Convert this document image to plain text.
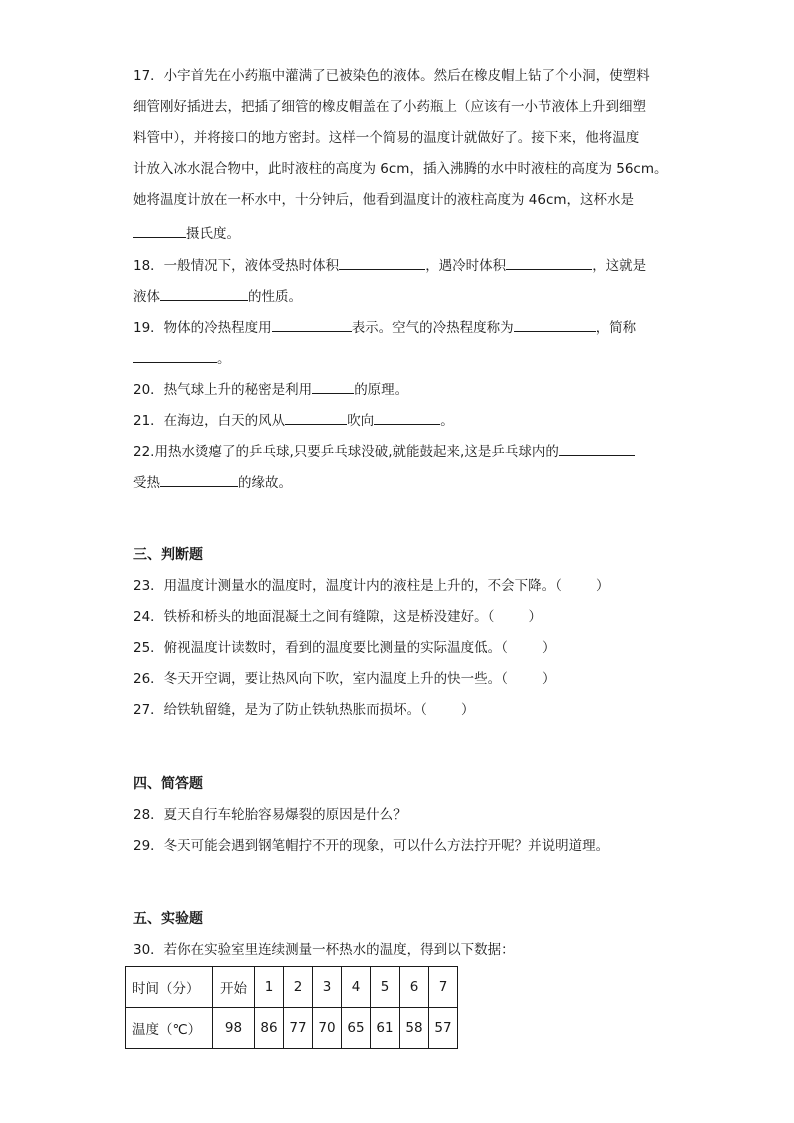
17．小宇首先在小药瓶中灌满了已被染色的液体。然后在橡皮帽上钻了个小洞，使塑料
细管刚好插进去，把插了细管的橡皮帽盖在了小药瓶上（应该有一小节液体上升到细塑
料管中），并将接口的地方密封。这样一个简易的温度计就做好了。接下来，他将温度
计放入冰水混合物中，此时液柱的高度为 6cm，插入沸腾的水中时液柱的高度为 56cm。
她将温度计放在一杯水中，十分钟后，他看到温度计的液柱高度为 46cm，这杯水是
摄氏度。
18．一般情况下，液体受热时体积	，遇冷时体积	，这就是
液体	的性质。
19．物体的冷热程度用	表示。空气的冷热程度称为	，简称
。
20．热气球上升的秘密是利用	的原理。
21．在海边，白天的风从	吹向	。
22.用热水烫瘪了的乒乓球,只要乒乓球没破,就能鼓起来,这是乒乓球内的
受热	的缘故。
三、判断题
23．用温度计测量水的温度时，温度计内的液柱是上升的，不会下降。（	）
24．铁桥和桥头的地面混凝土之间有缝隙，这是桥没建好。（	）
25．俯视温度计读数时，看到的温度要比测量的实际温度低。（	）
26．冬天开空调，要让热风向下吹，室内温度上升的快一些。（	）
27．给铁轨留缝，是为了防止铁轨热胀而损坏。（	）
四、简答题
28．夏天自行车轮胎容易爆裂的原因是什么？
29．冬天可能会遇到钢笔帽拧不开的现象，可以什么方法拧开呢？并说明道理。
五、实验题
30．若你在实验室里连续测量一杯热水的温度，得到以下数据：
时间（分）	开始	1	2	3	4	5	6	7
温度（℃）	98	86	77	70	65	61	58	57
